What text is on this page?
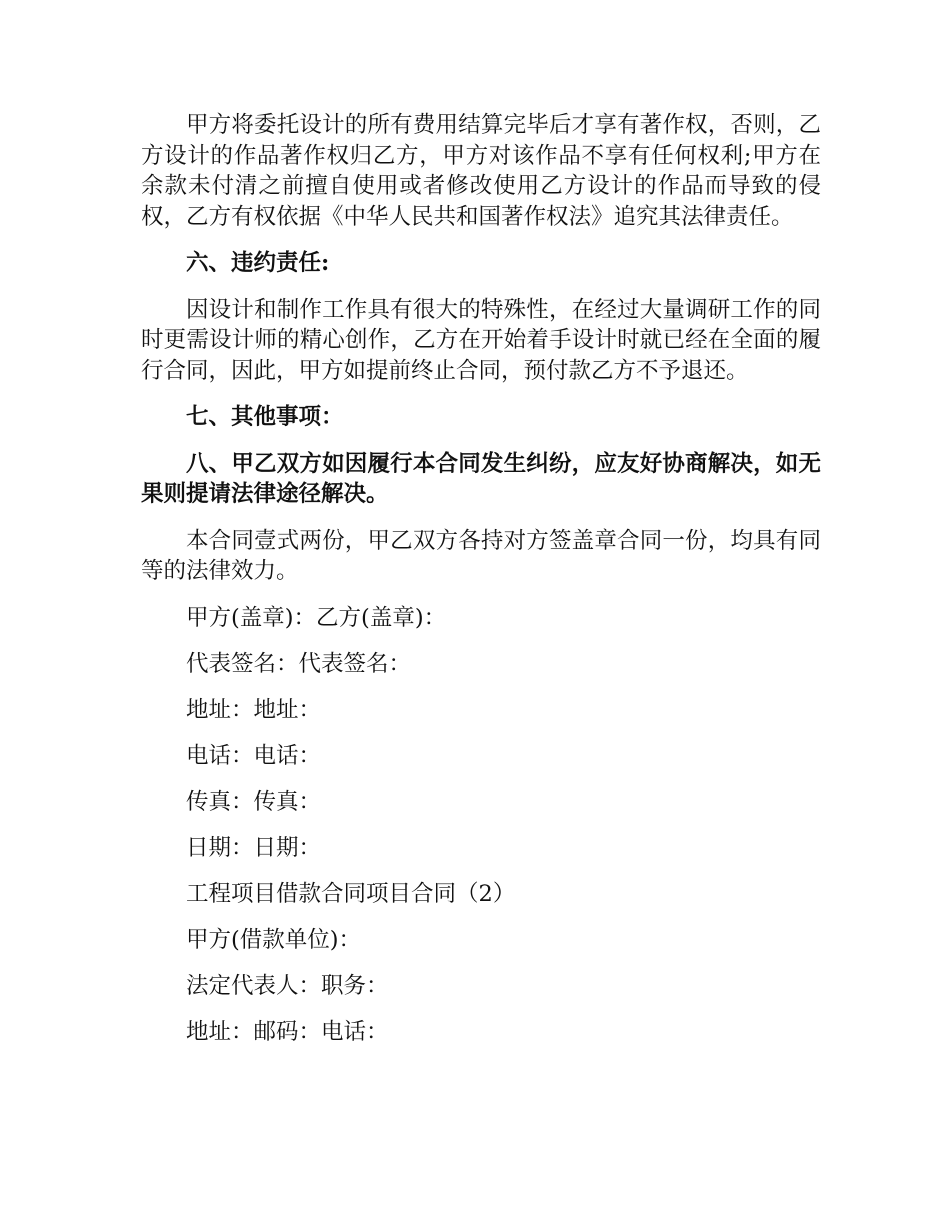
甲方将委托设计的所有费用结算完毕后才享有著作权，否则，乙方设计的作品著作权归乙方，甲方对该作品不享有任何权利;甲方在余款未付清之前擅自使用或者修改使用乙方设计的作品而导致的侵权，乙方有权依据《中华人民共和国著作权法》追究其法律责任。

六、违约责任:

因设计和制作工作具有很大的特殊性，在经过大量调研工作的同时更需设计师的精心创作，乙方在开始着手设计时就已经在全面的履行合同，因此，甲方如提前终止合同，预付款乙方不予退还。

七、其他事项：

八、甲乙双方如因履行本合同发生纠纷，应友好协商解决，如无果则提请法律途径解决。

本合同壹式两份，甲乙双方各持对方签盖章合同一份，均具有同等的法律效力。

甲方(盖章)：乙方(盖章)：

代表签名：代表签名：

地址：地址：

电话：电话：

传真：传真：

日期：日期：

工程项目借款合同项目合同（2）

甲方(借款单位)：

法定代表人：职务：

地址：邮码：电话：
